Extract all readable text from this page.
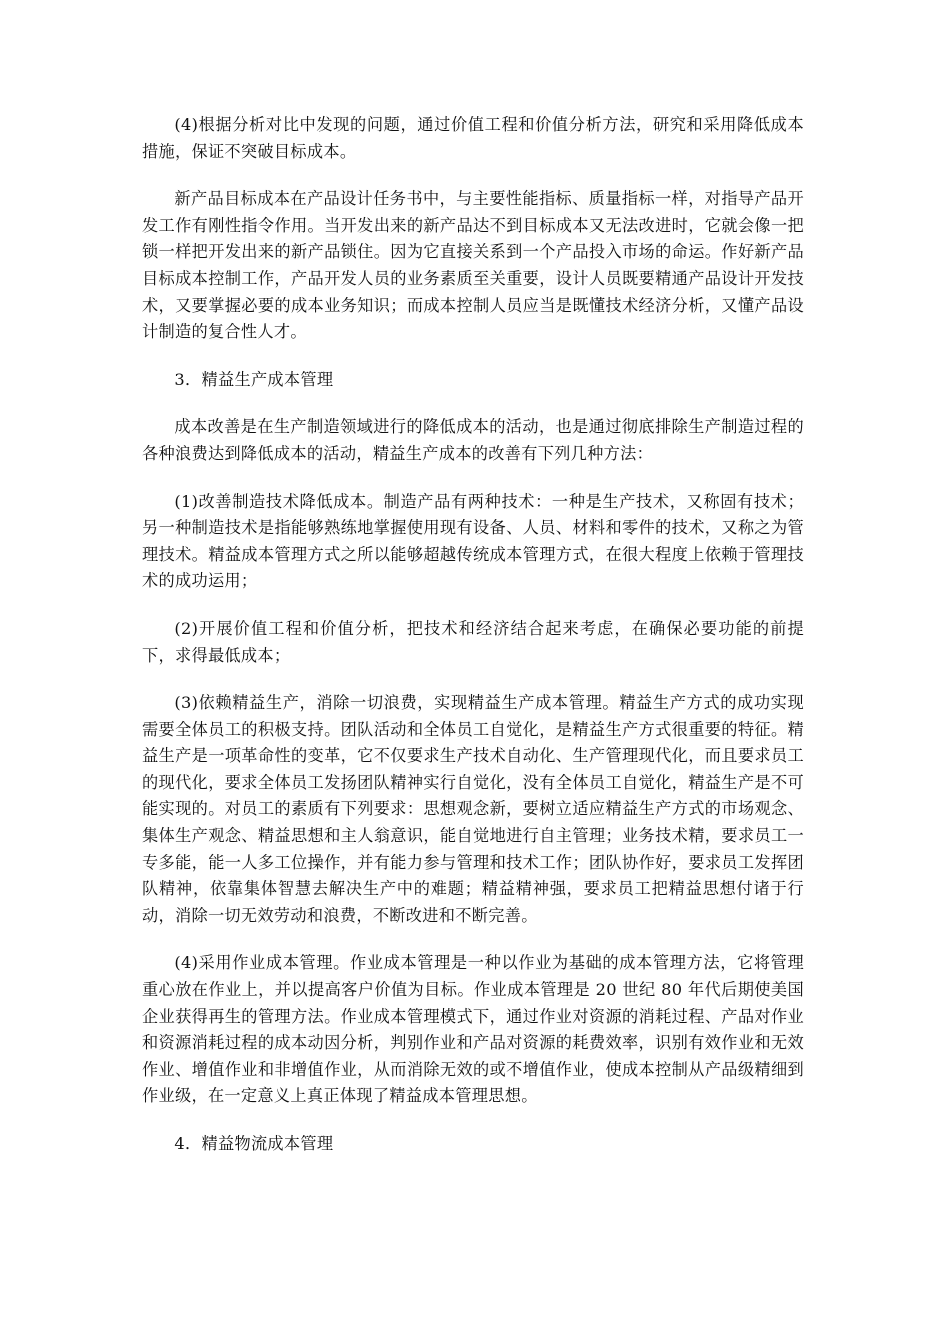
(4)根据分析对比中发现的问题，通过价值工程和价值分析方法，研究和采用降低成本措施，保证不突破目标成本。

新产品目标成本在产品设计任务书中，与主要性能指标、质量指标一样，对指导产品开发工作有刚性指令作用。当开发出来的新产品达不到目标成本又无法改进时，它就会像一把锁一样把开发出来的新产品锁住。因为它直接关系到一个产品投入市场的命运。作好新产品目标成本控制工作，产品开发人员的业务素质至关重要，设计人员既要精通产品设计开发技术，又要掌握必要的成本业务知识；而成本控制人员应当是既懂技术经济分析，又懂产品设计制造的复合性人才。

3．精益生产成本管理

成本改善是在生产制造领域进行的降低成本的活动，也是通过彻底排除生产制造过程的各种浪费达到降低成本的活动，精益生产成本的改善有下列几种方法：

(1)改善制造技术降低成本。制造产品有两种技术：一种是生产技术，又称固有技术；另一种制造技术是指能够熟练地掌握使用现有设备、人员、材料和零件的技术，又称之为管理技术。精益成本管理方式之所以能够超越传统成本管理方式，在很大程度上依赖于管理技术的成功运用；

(2)开展价值工程和价值分析，把技术和经济结合起来考虑，在确保必要功能的前提下，求得最低成本；

(3)依赖精益生产，消除一切浪费，实现精益生产成本管理。精益生产方式的成功实现需要全体员工的积极支持。团队活动和全体员工自觉化，是精益生产方式很重要的特征。精益生产是一项革命性的变革，它不仅要求生产技术自动化、生产管理现代化，而且要求员工的现代化，要求全体员工发扬团队精神实行自觉化，没有全体员工自觉化，精益生产是不可能实现的。对员工的素质有下列要求：思想观念新，要树立适应精益生产方式的市场观念、集体生产观念、精益思想和主人翁意识，能自觉地进行自主管理；业务技术精，要求员工一专多能，能一人多工位操作，并有能力参与管理和技术工作；团队协作好，要求员工发挥团队精神，依靠集体智慧去解决生产中的难题；精益精神强，要求员工把精益思想付诸于行动，消除一切无效劳动和浪费，不断改进和不断完善。

(4)采用作业成本管理。作业成本管理是一种以作业为基础的成本管理方法，它将管理重心放在作业上，并以提高客户价值为目标。作业成本管理是 20 世纪 80 年代后期使美国企业获得再生的管理方法。作业成本管理模式下，通过作业对资源的消耗过程、产品对作业和资源消耗过程的成本动因分析，判别作业和产品对资源的耗费效率，识别有效作业和无效作业、增值作业和非增值作业，从而消除无效的或不增值作业，使成本控制从产品级精细到作业级，在一定意义上真正体现了精益成本管理思想。

4．精益物流成本管理
